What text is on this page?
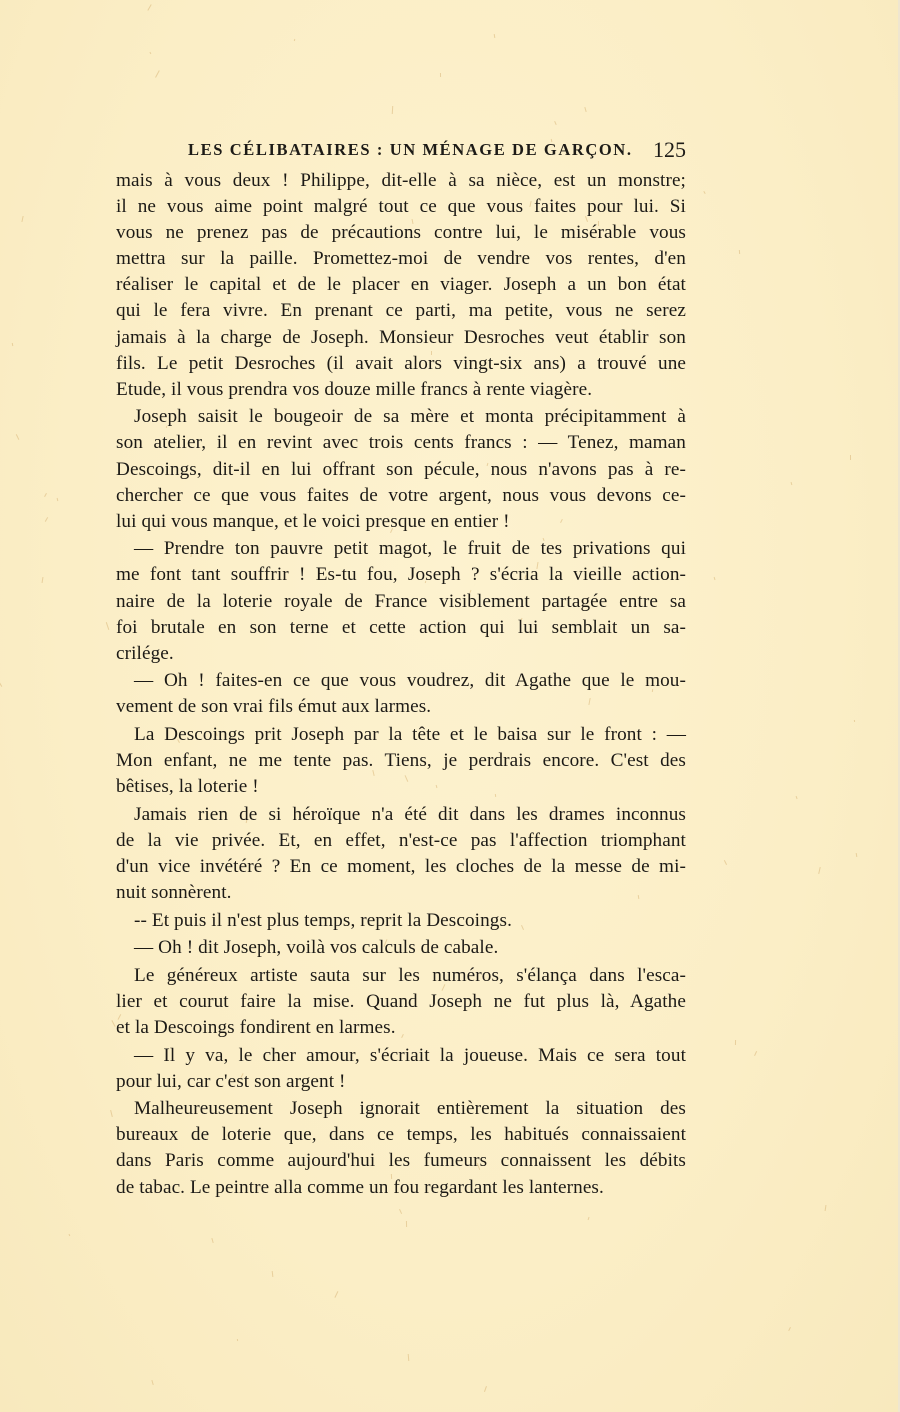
LES CÉLIBATAIRES : UN MÉNAGE DE GARÇON. 125
mais à vous deux ! Philippe, dit-elle à sa nièce, est un monstre;
il ne vous aime point malgré tout ce que vous faites pour lui. Si
vous ne prenez pas de précautions contre lui, le misérable vous
mettra sur la paille. Promettez-moi de vendre vos rentes, d'en
réaliser le capital et de le placer en viager. Joseph a un bon état
qui le fera vivre. En prenant ce parti, ma petite, vous ne serez
jamais à la charge de Joseph. Monsieur Desroches veut établir son
fils. Le petit Desroches (il avait alors vingt-six ans) a trouvé une
Etude, il vous prendra vos douze mille francs à rente viagère.
Joseph saisit le bougeoir de sa mère et monta précipitamment à
son atelier, il en revint avec trois cents francs : — Tenez, maman
Descoings, dit-il en lui offrant son pécule, nous n'avons pas à re-
chercher ce que vous faites de votre argent, nous vous devons ce-
lui qui vous manque, et le voici presque en entier !
— Prendre ton pauvre petit magot, le fruit de tes privations qui
me font tant souffrir ! Es-tu fou, Joseph ? s'écria la vieille action-
naire de la loterie royale de France visiblement partagée entre sa
foi brutale en son terne et cette action qui lui semblait un sa-
crilége.
— Oh ! faites-en ce que vous voudrez, dit Agathe que le mou-
vement de son vrai fils émut aux larmes.
La Descoings prit Joseph par la tête et le baisa sur le front : —
Mon enfant, ne me tente pas. Tiens, je perdrais encore. C'est des
bêtises, la loterie !
Jamais rien de si héroïque n'a été dit dans les drames inconnus
de la vie privée. Et, en effet, n'est-ce pas l'affection triomphant
d'un vice invétéré ? En ce moment, les cloches de la messe de mi-
nuit sonnèrent.
-- Et puis il n'est plus temps, reprit la Descoings.
— Oh ! dit Joseph, voilà vos calculs de cabale.
Le généreux artiste sauta sur les numéros, s'élança dans l'esca-
lier et courut faire la mise. Quand Joseph ne fut plus là, Agathe
et la Descoings fondirent en larmes.
— Il y va, le cher amour, s'écriait la joueuse. Mais ce sera tout
pour lui, car c'est son argent !
Malheureusement Joseph ignorait entièrement la situation des
bureaux de loterie que, dans ce temps, les habitués connaissaient
dans Paris comme aujourd'hui les fumeurs connaissent les débits
de tabac. Le peintre alla comme un fou regardant les lanternes.
